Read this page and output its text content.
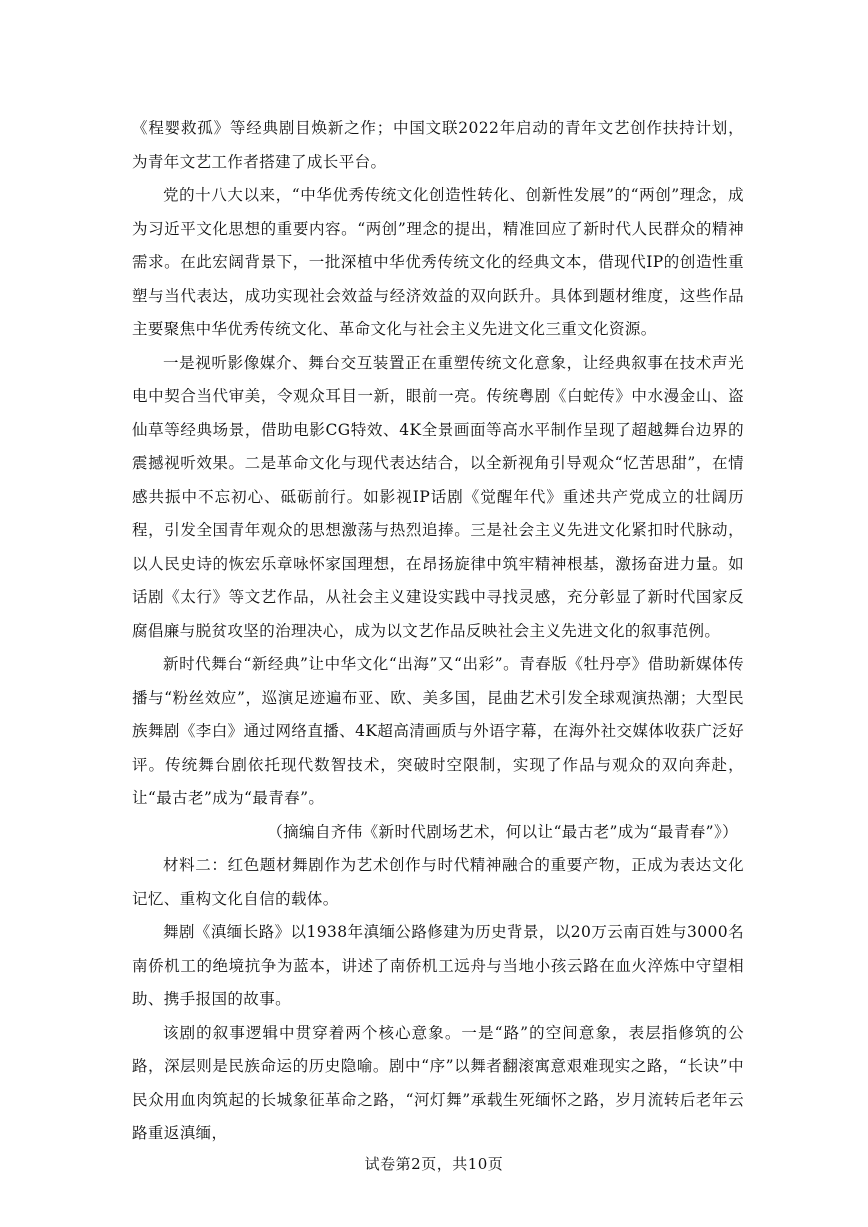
《程婴救孤》等经典剧目焕新之作；中国文联2022年启动的青年文艺创作扶持计划，为青年文艺工作者搭建了成长平台。

党的十八大以来，“中华优秀传统文化创造性转化、创新性发展”的“两创”理念，成为习近平文化思想的重要内容。“两创”理念的提出，精准回应了新时代人民群众的精神需求。在此宏阔背景下，一批深植中华优秀传统文化的经典文本，借现代IP的创造性重塑与当代表达，成功实现社会效益与经济效益的双向跃升。具体到题材维度，这些作品主要聚焦中华优秀传统文化、革命文化与社会主义先进文化三重文化资源。

一是视听影像媒介、舞台交互装置正在重塑传统文化意象，让经典叙事在技术声光电中契合当代审美，令观众耳目一新，眼前一亮。传统粤剧《白蛇传》中水漫金山、盗仙草等经典场景，借助电影CG特效、4K全景画面等高水平制作呈现了超越舞台边界的震撼视听效果。二是革命文化与现代表达结合，以全新视角引导观众“忆苦思甜”，在情感共振中不忘初心、砥砺前行。如影视IP话剧《觉醒年代》重述共产党成立的壮阔历程，引发全国青年观众的思想激荡与热烈追捧。三是社会主义先进文化紧扣时代脉动，以人民史诗的恢宏乐章咏怀家国理想，在昂扬旋律中筑牢精神根基，激扬奋进力量。如话剧《太行》等文艺作品，从社会主义建设实践中寻找灵感，充分彰显了新时代国家反腐倡廉与脱贫攻坚的治理决心，成为以文艺作品反映社会主义先进文化的叙事范例。

新时代舞台“新经典”让中华文化“出海”又“出彩”。青春版《牡丹亭》借助新媒体传播与“粉丝效应”，巡演足迹遍布亚、欧、美多国，昆曲艺术引发全球观演热潮；大型民族舞剧《李白》通过网络直播、4K超高清画质与外语字幕，在海外社交媒体收获广泛好评。传统舞台剧依托现代数智技术，突破时空限制，实现了作品与观众的双向奔赴，让“最古老”成为“最青春”。

（摘编自齐伟《新时代剧场艺术，何以让“最古老”成为“最青春”》）

材料二：红色题材舞剧作为艺术创作与时代精神融合的重要产物，正成为表达文化记忆、重构文化自信的载体。

舞剧《滇缅长路》以1938年滇缅公路修建为历史背景，以20万云南百姓与3000名南侨机工的绝境抗争为蓝本，讲述了南侨机工远舟与当地小孩云路在血火淬炼中守望相助、携手报国的故事。

该剧的叙事逻辑中贯穿着两个核心意象。一是“路”的空间意象，表层指修筑的公路，深层则是民族命运的历史隐喻。剧中“序”以舞者翻滚寓意艰难现实之路，“长诀”中民众用血肉筑起的长城象征革命之路，“河灯舞”承载生死缅怀之路，岁月流转后老年云路重返滇缅，

试卷第2页，共10页
